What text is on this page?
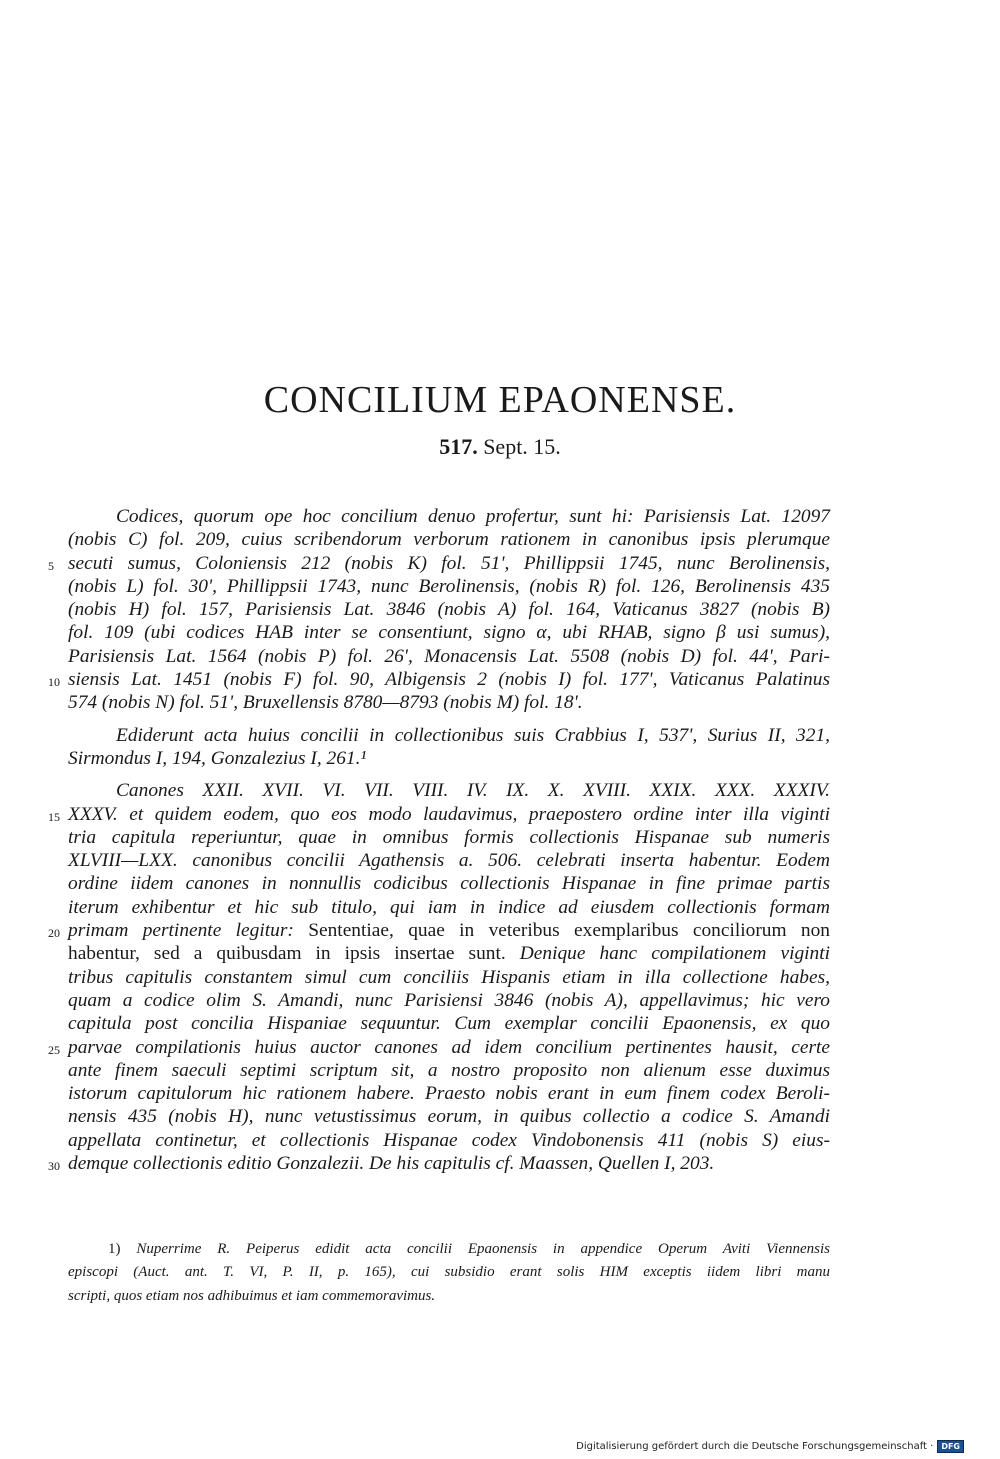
CONCILIUM EPAONENSE.
517. Sept. 15.
Codices, quorum ope hoc concilium denuo profertur, sunt hi: Parisiensis Lat. 12097
(nobis C) fol. 209, cuius scribendorum verborum rationem in canonibus ipsis plerumque
5 secuti sumus, Coloniensis 212 (nobis K) fol. 51', Phillippsii 1745, nunc Berolinensis,
(nobis L) fol. 30', Phillippsii 1743, nunc Berolinensis, (nobis R) fol. 126, Berolinensis 435
(nobis H) fol. 157, Parisiensis Lat. 3846 (nobis A) fol. 164, Vaticanus 3827 (nobis B)
fol. 109 (ubi codices HAB inter se consentiunt, signo α, ubi RHAB, signo β usi sumus),
Parisiensis Lat. 1564 (nobis P) fol. 26', Monacensis Lat. 5508 (nobis D) fol. 44', Pari-
10 siensis Lat. 1451 (nobis F) fol. 90, Albigensis 2 (nobis I) fol. 177', Vaticanus Palatinus
574 (nobis N) fol. 51', Bruxellensis 8780—8793 (nobis M) fol. 18'.
Ediderunt acta huius concilii in collectionibus suis Crabbius I, 537', Surius II, 321,
Sirmondus I, 194, Gonzalezius I, 261.¹
Canones XXII. XVII. VI. VII. VIII. IV. IX. X. XVIII. XXIX. XXX. XXXIV.
15 XXXV. et quidem eodem, quo eos modo laudavimus, praepostero ordine inter illa viginti
tria capitula reperiuntur, quae in omnibus formis collectionis Hispanae sub numeris
XLVIII—LXX. canonibus concilii Agathensis a. 506. celebrati inserta habentur. Eodem
ordine iidem canones in nonnullis codicibus collectionis Hispanae in fine primae partis
iterum exhibentur et hic sub titulo, qui iam in indice ad eiusdem collectionis formam
20 primam pertinente legitur: Sententiae, quae in veteribus exemplaribus conciliorum non
habentur, sed a quibusdam in ipsis insertae sunt. Denique hanc compilationem viginti
tribus capitulis constantem simul cum conciliis Hispanis etiam in illa collectione habes,
quam a codice olim S. Amandi, nunc Parisiensi 3846 (nobis A), appellavimus; hic vero
capitula post concilia Hispaniae sequuntur. Cum exemplar concilii Epaonensis, ex quo
25 parvae compilationis huius auctor canones ad idem concilium pertinentes hausit, certe
ante finem saeculi septimi scriptum sit, a nostro proposito non alienum esse duximus
istorum capitulorum hic rationem habere. Praesto nobis erant in eum finem codex Beroli-
nensis 435 (nobis H), nunc vetustissimus eorum, in quibus collectio a codice S. Amandi
appellata continetur, et collectionis Hispanae codex Vindobonensis 411 (nobis S) eius-
30 demque collectionis editio Gonzalezii. De his capitulis cf. Maassen, Quellen I, 203.
1) Nuperrime R. Peiperus edidit acta concilii Epaonensis in appendice Operum Aviti Viennensis
episcopi (Auct. ant. T. VI, P. II, p. 165), cui subsidio erant solis HIM exceptis iidem libri manu
scripti, quos etiam nos adhibuimus et iam commemoravimus.
Digitalisierung gefördert durch die Deutsche Forschungsgemeinschaft ·	DFG
